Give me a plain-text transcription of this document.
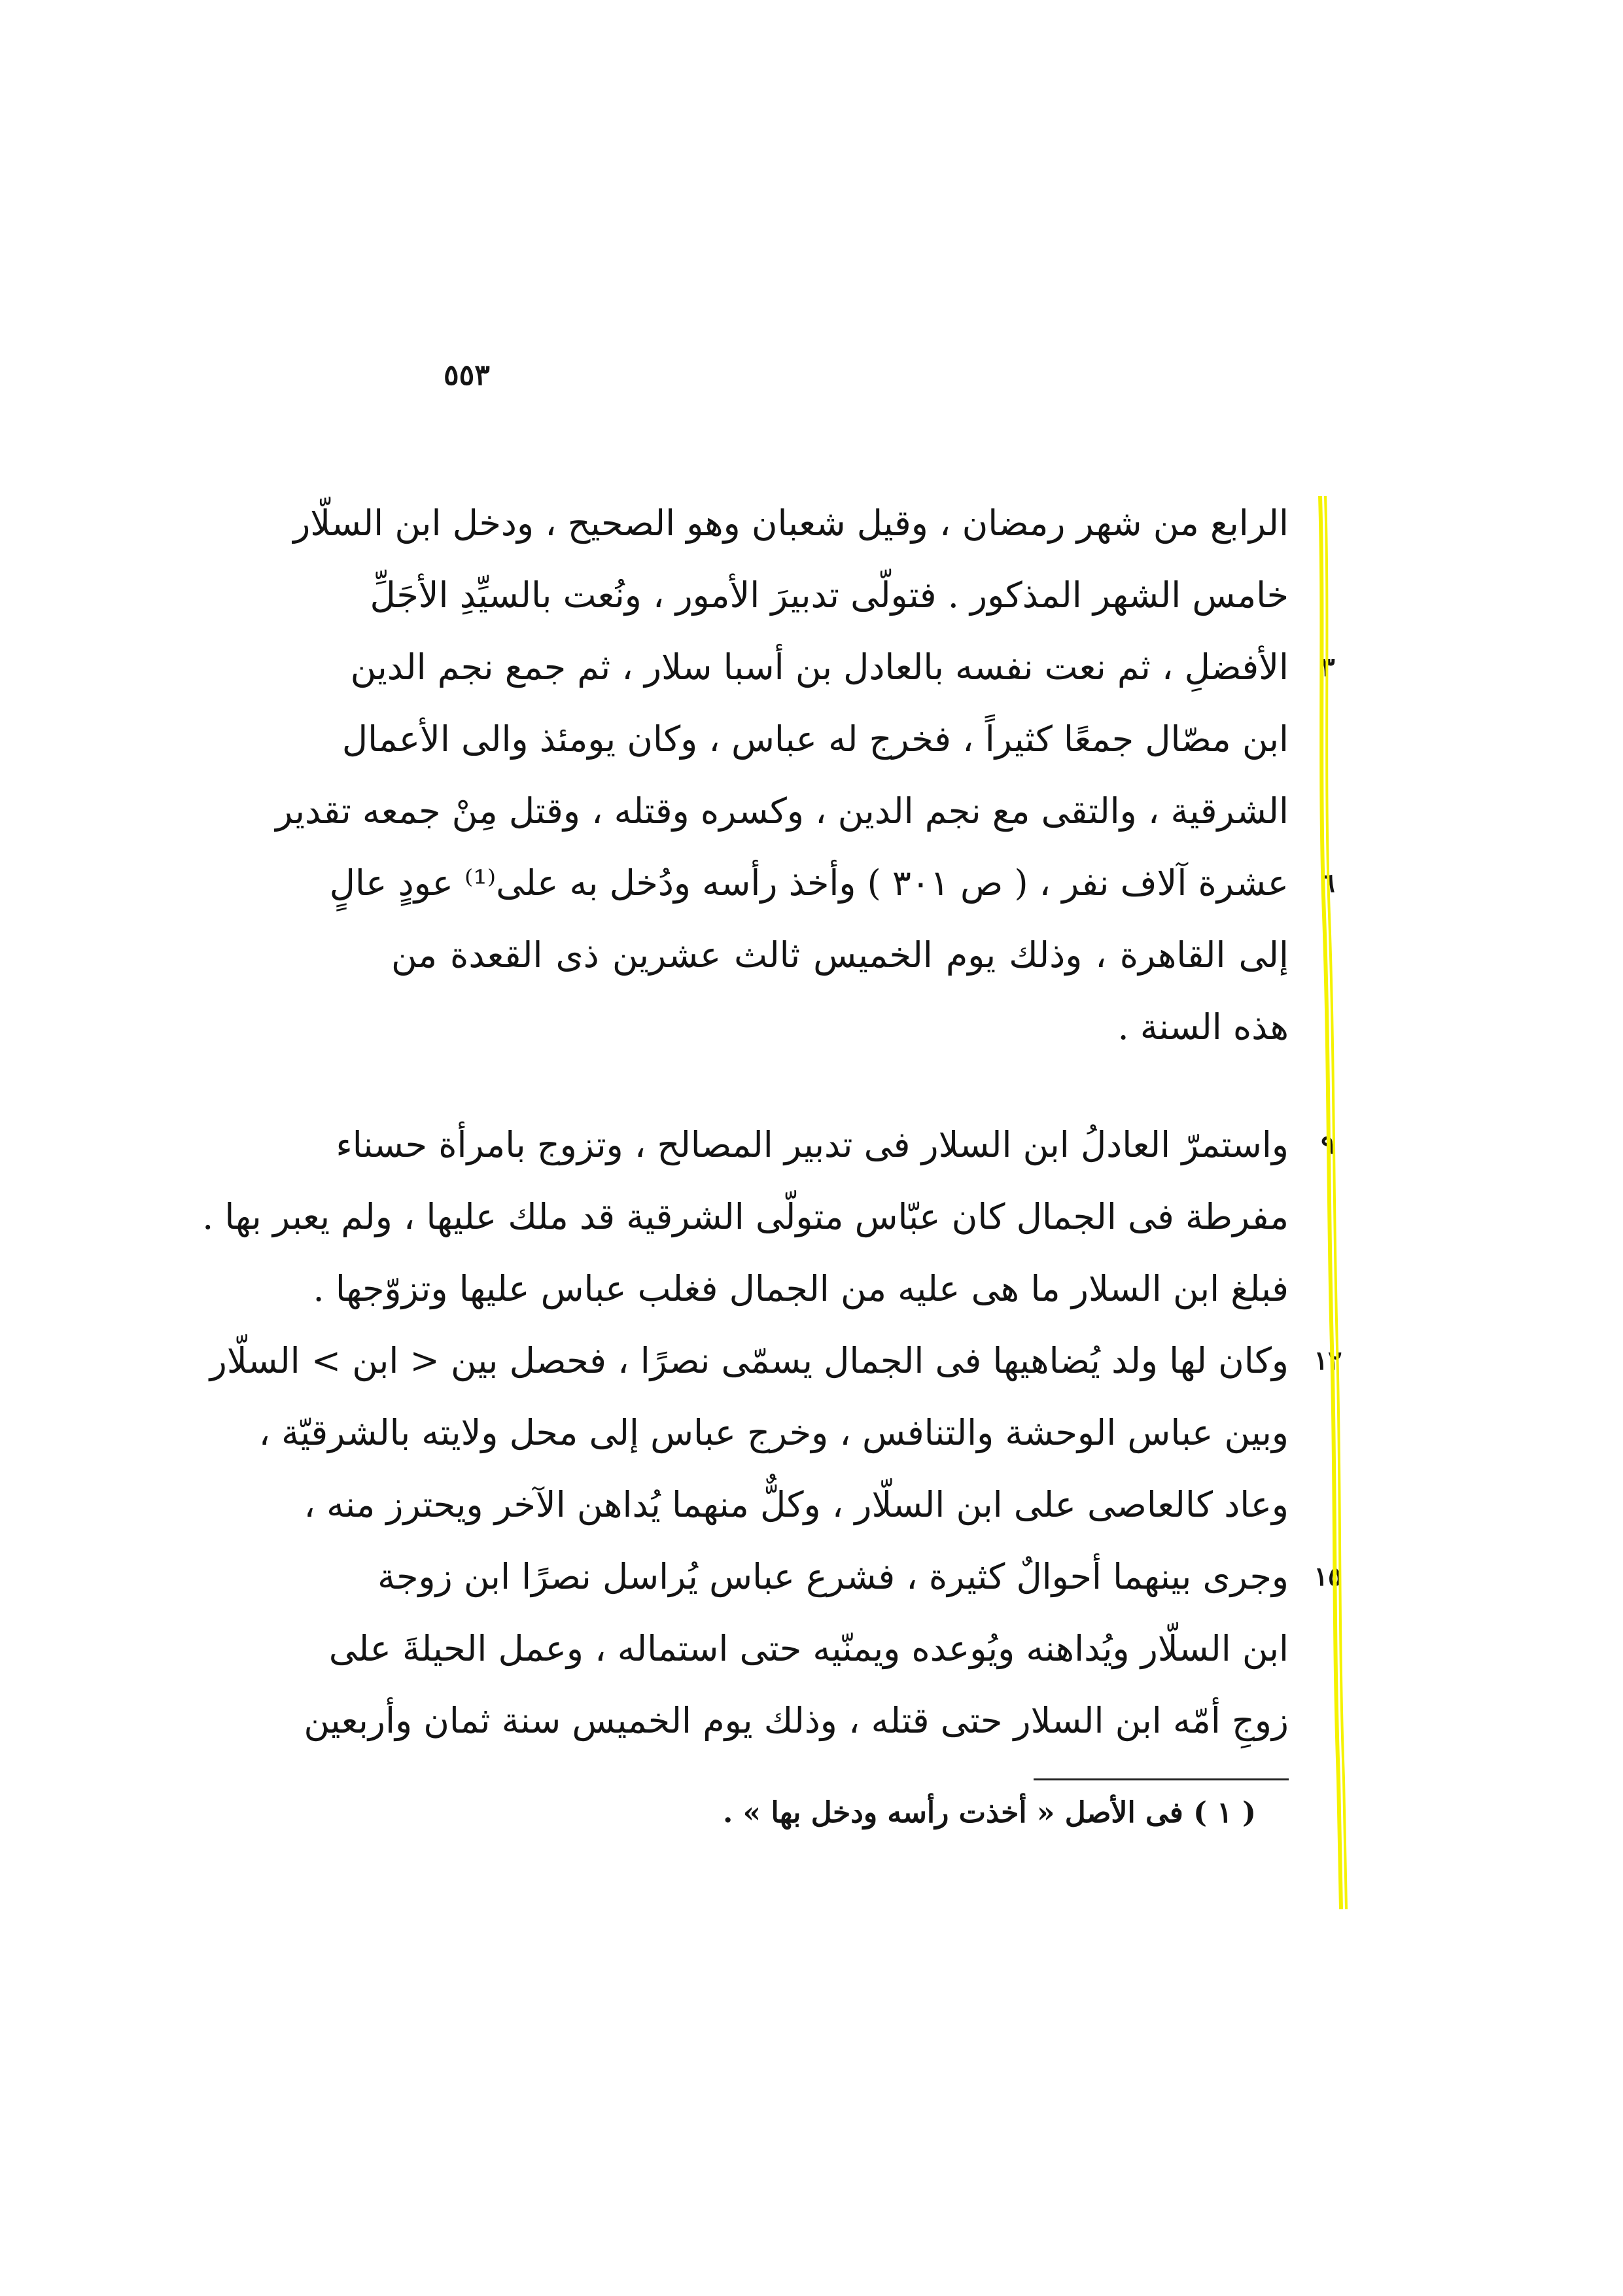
٥٥٣
الرابع من شهر رمضان ، وقيل شعبان وهو الصحيح ، ودخل ابن السلّار
خامس الشهر المذكور . فتولّى تدبيرَ الأمور ، ونُعت بالسيِّدِ الأجَلِّ
الأفضلِ ، ثم نعت نفسه بالعادل بن أسبا سلار ، ثم جمع نجم الدين	٣
ابن مصّال جمعًا كثيراً ، فخرج له عباس ، وكان يومئذ والى الأعمال
الشرقية ، والتقى مع نجم الدين ، وكسره وقتله ، وقتل مِنْ جمعه تقدير
عشرة آلاف نفر ، ( ص ٣٠١ ) وأخذ رأسه ودُخل به على⁽¹⁾ عودٍ عالٍ	٦
إلى القاهرة ، وذلك يوم الخميس ثالث عشرين ذى القعدة من
هذه السنة .
واستمرّ العادلُ ابن السلار فى تدبير المصالح ، وتزوج بامرأة حسناء	٩
مفرطة فى الجمال كان عبّاس متولّى الشرقية قد ملك عليها ، ولم يعبر بها .
فبلغ ابن السلار ما هى عليه من الجمال فغلب عباس عليها وتزوّجها .
وكان لها ولد يُضاهيها فى الجمال يسمّى نصرًا ، فحصل بين < ابن > السلّار ١٢
وبين عباس الوحشة والتنافس ، وخرج عباس إلى محل ولايته بالشرقيّة ،
وعاد كالعاصى على ابن السلّار ، وكلٌّ منهما يُداهن الآخر ويحترز منه ،
وجرى بينهما أحوالٌ كثيرة ، فشرع عباس يُراسل نصرًا ابن زوجة ١٥
ابن السلّار ويُداهنه ويُوعده ويمنّيه حتى استماله ، وعمل الحيلةَ على
زوجِ أمّه ابن السلار حتى قتله ، وذلك يوم الخميس سنة ثمان وأربعين
( ١ ) فى الأصل « أخذت رأسه ودخل بها » .
